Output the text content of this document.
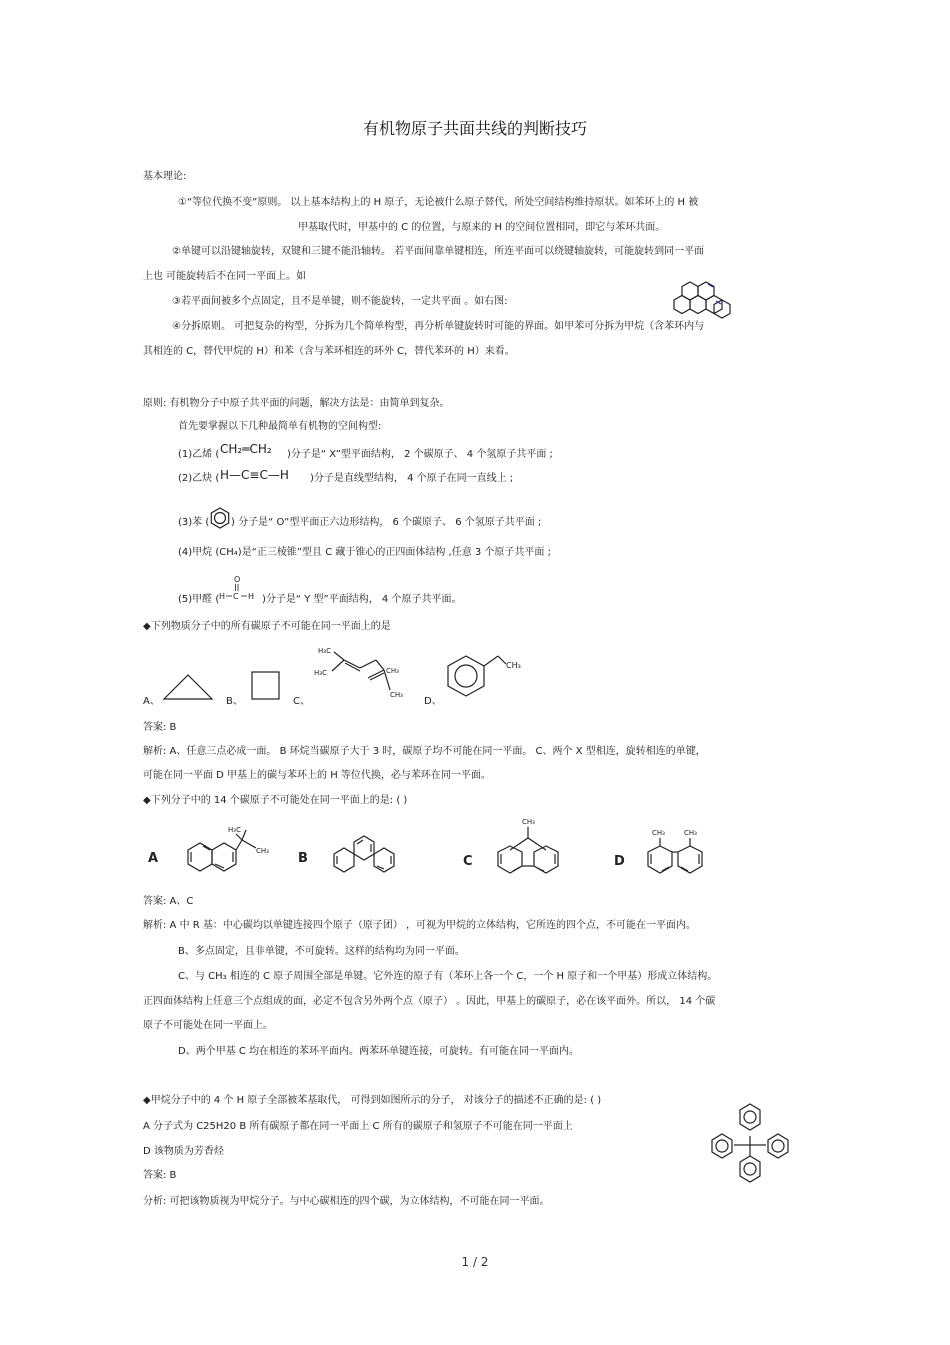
有机物原子共面共线的判断技巧
基本理论:
①“等位代换不变”原则。 以上基本结构上的 H 原子，无论被什么原子替代，所处空间结构维持原状。如苯环上的 H 被
甲基取代时，甲基中的 C 的位置，与原来的 H 的空间位置相同，即它与苯环共面。
②单键可以沿键轴旋转，双键和三键不能沿轴转。 若平面间靠单键相连，所连平面可以绕键轴旋转，可能旋转到同一平面
上也 可能旋转后不在同一平面上。如
③若平面间被多个点固定，且不是单键，则不能旋转，一定共平面 。如右图:
④分拆原则。 可把复杂的构型，分拆为几个简单构型，再分析单键旋转时可能的界面。如甲苯可分拆为甲烷（含苯环内与
其相连的 C，替代甲烷的 H）和苯（含与苯环相连的环外 C，替代苯环的 H）来看。
原则: 有机物分子中原子共平面的问题，解决方法是：由简单到复杂。
首先要掌握以下几种最简单有机物的空间构型:
(1)乙烯 ( CH₂═CH₂ )分子是“ X”型平面结构， 2 个碳原子、 4 个氢原子共平面 ;
(2)乙炔 ( H—C≡C—H )分子是直线型结构， 4 个原子在同一直线上 ;
(3)苯 ( ) 分子是“ O”型平面正六边形结构， 6 个碳原子、 6 个氢原子共平面 ;
(4)甲烷 (CH₄)是“正三棱锥”型且 C 藏于锥心的正四面体结构 ,任意 3 个原子共平面 ;
(5)甲醛 (
O
H C H )分子是“ Y 型”平面结构， 4 个原子共平面。
◆下列物质分子中的所有碳原子不可能在同一平面上的是
A、	B、	C、
H₃C
H₃C	CH₃
CH₃
D、
CH₃
答案: B
解析: A、任意三点必成一面。 B 环烷当碳原子大于 3 时，碳原子均不可能在同一平面。 C、两个 X 型相连，旋转相连的单键，
可能在同一平面 D 甲基上的碳与苯环上的 H 等位代换，必与苯环在同一平面。
◆下列分子中的 14 个碳原子不可能处在同一平面上的是: ( )
A
H₃C
CH₃ B	C
CH₃
D
CH₃	CH₃
答案: A、C
解析: A 中 R 基：中心碳均以单键连接四个原子（原子团） ，可视为甲烷的立体结构，它所连的四个点，不可能在一平面内。
B、多点固定，且非单键，不可旋转。这样的结构均为同一平面。
C、与 CH₃ 相连的 C 原子周围全部是单键。它外连的原子有（苯环上各一个 C，一个 H 原子和一个甲基）形成立体结构。
正四面体结构上任意三个点组成的面，必定不包含另外两个点（原子） 。因此，甲基上的碳原子，必在该平面外。所以， 14 个碳
原子不可能处在同一平面上。
D、两个甲基 C 均在相连的苯环平面内。两苯环单键连接，可旋转。有可能在同一平面内。
◆甲烷分子中的 4 个 H 原子全部被苯基取代， 可得到如图所示的分子， 对该分子的描述不正确的是: ( )
A 分子式为 C25H20 B 所有碳原子都在同一平面上 C 所有的碳原子和氢原子不可能在同一平面上
D 该物质为芳香烃
答案: B
分析: 可把该物质视为甲烷分子。与中心碳相连的四个碳，为立体结构，不可能在同一平面。
1 / 2
